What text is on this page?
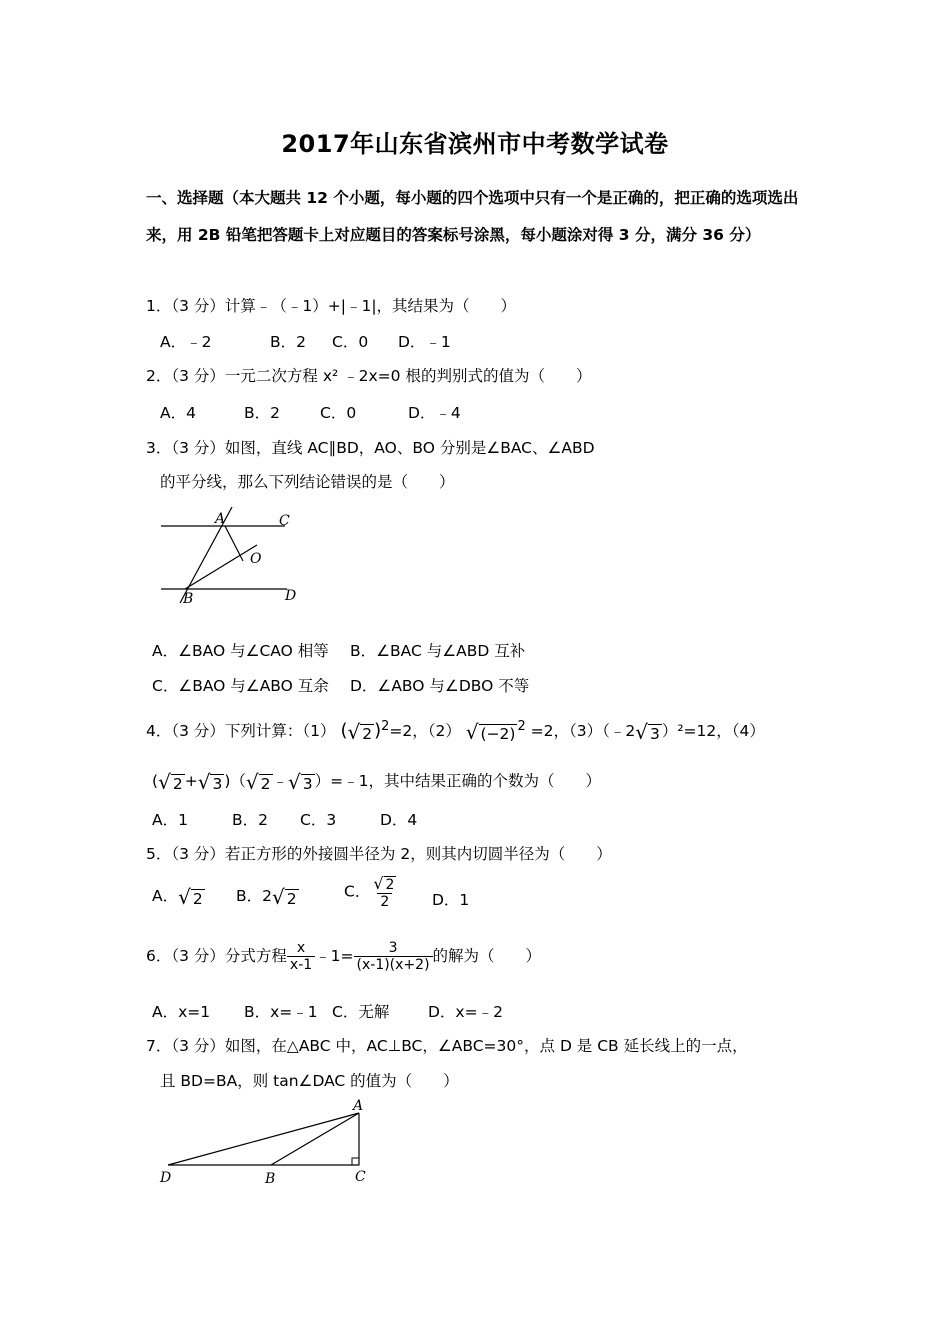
2017年山东省滨州市中考数学试卷
一、选择题（本大题共 12 个小题，每小题的四个选项中只有一个是正确的，把正确的选项选出来，用 2B 铅笔把答题卡上对应题目的答案标号涂黑，每小题涂对得 3 分，满分 36 分）
1．（3 分）计算﹣（﹣1）+|﹣1|，其结果为（　　）
A．﹣2	B．2 C．0 D．﹣1
2．（3 分）一元二次方程 x² ﹣2x=0 根的判别式的值为（　　）
A．4	B．2	C．0	D．﹣4
3．（3 分）如图，直线 AC∥BD，AO、BO 分别是∠BAC、∠ABD
的平分线，那么下列结论错误的是（　　）
A	C
O
B	D
A．∠BAO 与∠CAO 相等 B．∠BAC 与∠ABD 互补
C．∠BAO 与∠ABO 互余 D．∠ABO 与∠DBO 不等
4．（3 分）下列计算：（1） (√ 2 )$^2$=2，（2） √ (−2) $^2$ =2，（3）（﹣2√ 3 ）²=12，（4）
(√ 2 +√ 3 )（√ 2 ﹣√ 3 ）=﹣1，其中结果正确的个数为（　　）
A．1	B．2 C．3	D．4
5．（3 分）若正方形的外接圆半径为 2，则其内切圆半径为（　　）
A．√ 2 B．2√ 2	C． $\frac{√ 2}{2}$ D．1
6．（3 分）分式方程 $\frac{x}{x-1}$ ﹣1= $\frac{3}{(x-1)(x+2)}$ 的解为（　　）
A．x=1 B．x=﹣1 C．无解 D．x=﹣2
7．（3 分）如图，在△ABC 中，AC⊥BC，∠ABC=30°，点 D 是 CB 延长线上的一点，
且 BD=BA，则 tan∠DAC 的值为（　　）
A
D	B	C
